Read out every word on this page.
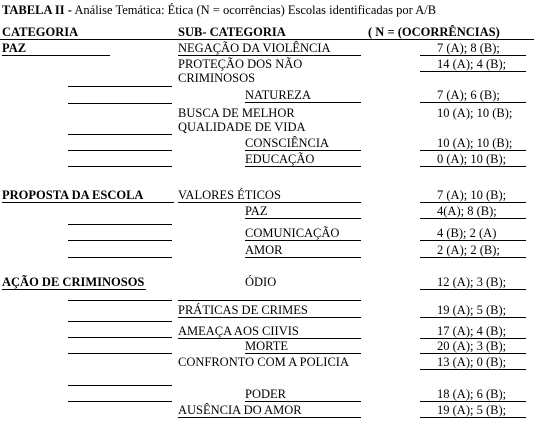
TABELA II - Análise Temática: Ética (N = ocorrências) Escolas identificadas por A/B
CATEGORIA	SUB- CATEGORIA	( N = (OCORRÊNCIAS)
PAZ
PROPOSTA DA ESCOLA
AÇÃO DE CRIMINOSOS
NEGAÇÃO DA VIOLÊNCIA
PROTEÇÃO DOS NÃO
CRIMINOSOS
NATUREZA
BUSCA DE MELHOR
QUALIDADE DE VIDA
CONSCIÊNCIA
EDUCAÇÃO
VALORES ÉTICOS
PAZ
COMUNICAÇÃO
AMOR
ÓDIO
PRÁTICAS DE CRIMES
AMEAÇA AOS CIIVIS
MORTE
CONFRONTO COM A POLICIA
PODER
AUSÊNCIA DO AMOR
7 (A); 8 (B);
14 (A); 4 (B);
7 (A); 6 (B);
10 (A); 10 (B);
10 (A); 10 (B);
0 (A); 10 (B);
7 (A); 10 (B);
4(A); 8 (B);
4 (B); 2 (A)
2 (A); 2 (B);
12 (A); 3 (B);
19 (A); 5 (B);
17 (A); 4 (B);
20 (A); 3 (B);
13 (A); 0 (B);
18 (A); 6 (B);
19 (A); 5 (B);
